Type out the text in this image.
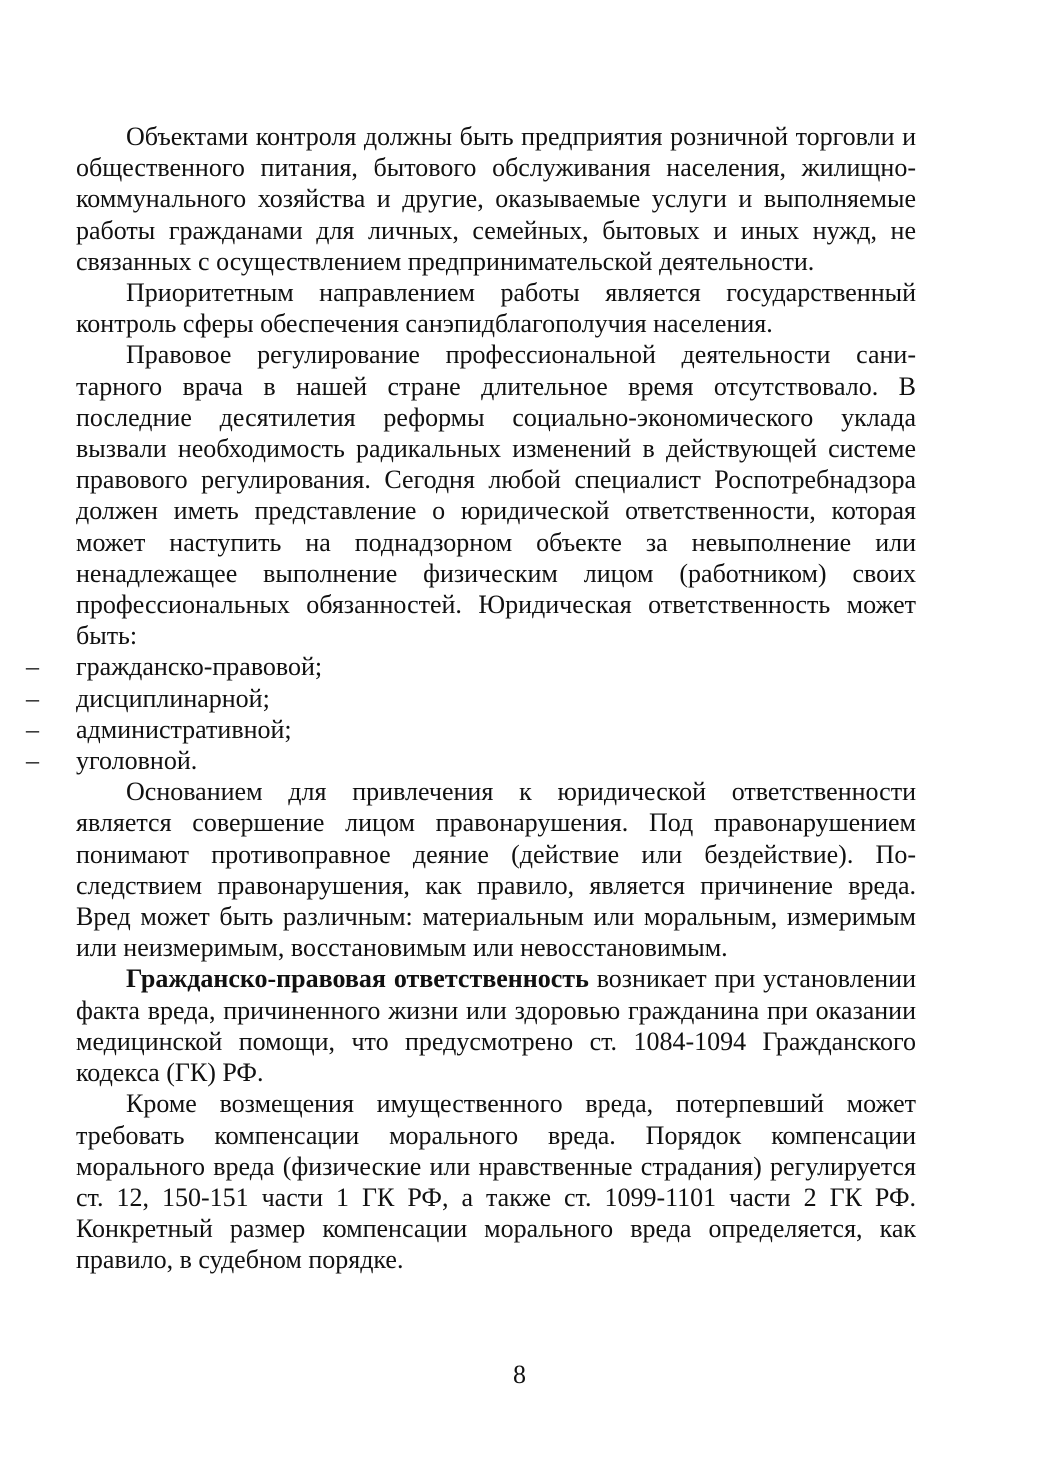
Объектами контроля должны быть предприятия розничной торговли и общественного питания, бытового обслуживания населения, жилищно-коммунального хозяйства и другие, оказываемые услуги и выполняемые работы гражданами для личных, семейных, бытовых и иных нужд, не связанных с осуществлением предпринимательской деятельности.

Приоритетным направлением работы является государственный контроль сферы обеспечения санэпидблагополучия населения.

Правовое регулирование профессиональной деятельности санитарного врача в нашей стране длительное время отсутствовало. В последние десятилетия реформы социально-экономического уклада вызвали необходимость радикальных изменений в действующей системе правового регулирования. Сегодня любой специалист Роспотребнадзора должен иметь представление о юридической ответственности, которая может наступить на поднадзорном объекте за невыполнение или ненадлежащее выполнение физическим лицом (работником) своих профессиональных обязанностей. Юридическая ответственность может быть:

– гражданско-правовой;
– дисциплинарной;
– административной;
– уголовной.

Основанием для привлечения к юридической ответственности является совершение лицом правонарушения. Под правонарушением понимают противоправное деяние (действие или бездействие). Последствием правонарушения, как правило, является причинение вреда. Вред может быть различным: материальным или моральным, измеримым или неизмеримым, восстановимым или невосстановимым.

Гражданско-правовая ответственность возникает при установлении факта вреда, причиненного жизни или здоровью гражданина при оказании медицинской помощи, что предусмотрено ст. 1084-1094 Гражданского кодекса (ГК) РФ.

Кроме возмещения имущественного вреда, потерпевший может требовать компенсации морального вреда. Порядок компенсации морального вреда (физические или нравственные страдания) регулируется ст. 12, 150-151 части 1 ГК РФ, а также ст. 1099-1101 части 2 ГК РФ. Конкретный размер компенсации морального вреда определяется, как правило, в судебном порядке.

8
